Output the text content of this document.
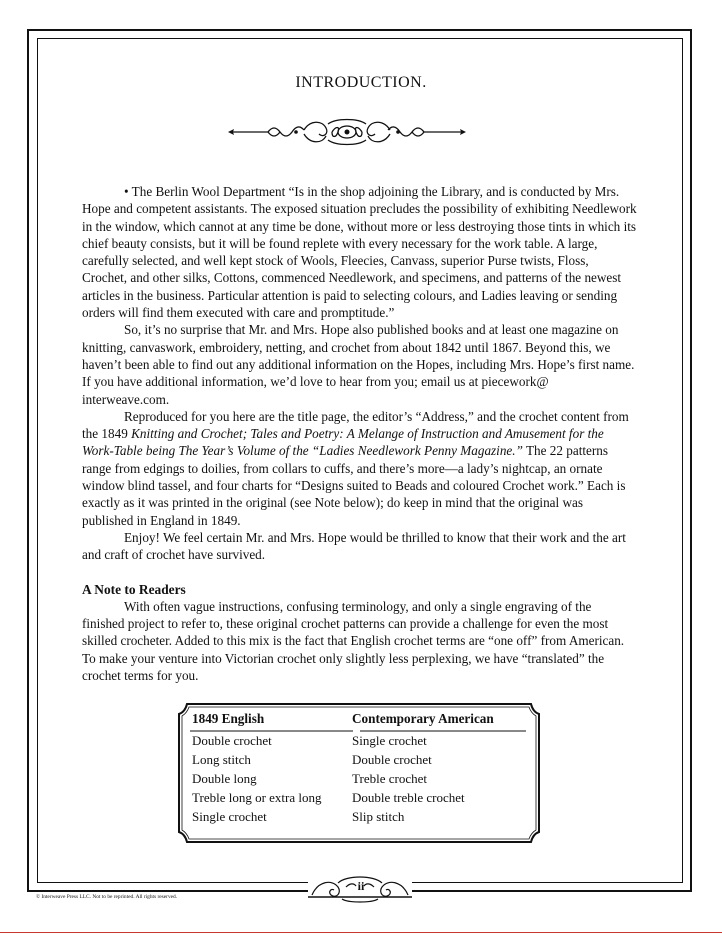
INTRODUCTION.

• The Berlin Wool Department “Is in the shop adjoining the Library, and is conducted by Mrs. Hope and competent assistants. The exposed situation precludes the possibility of exhibiting Needlework in the window, which cannot at any time be done, without more or less destroying those tints in which its chief beauty consists, but it will be found replete with every necessary for the work table. A large, carefully selected, and well kept stock of Wools, Fleecies, Canvass, superior Purse twists, Floss, Crochet, and other silks, Cottons, commenced Needlework, and specimens, and patterns of the newest articles in the business. Particular attention is paid to selecting colours, and Ladies leaving or sending orders will find them executed with care and promptitude.”

So, it’s no surprise that Mr. and Mrs. Hope also published books and at least one magazine on knitting, canvaswork, embroidery, netting, and crochet from about 1842 until 1867. Beyond this, we haven’t been able to find out any additional information on the Hopes, including Mrs. Hope’s first name. If you have additional information, we’d love to hear from you; email us at piecework@ interweave.com.

Reproduced for you here are the title page, the editor’s “Address,” and the crochet content from the 1849 Knitting and Crochet; Tales and Poetry: A Melange of Instruction and Amusement for the Work-Table being The Year’s Volume of the “Ladies Needlework Penny Magazine.” The 22 patterns range from edgings to doilies, from collars to cuffs, and there’s more—a lady’s nightcap, an ornate window blind tassel, and four charts for “Designs suited to Beads and coloured Crochet work.” Each is exactly as it was printed in the original (see Note below); do keep in mind that the original was published in England in 1849.

Enjoy! We feel certain Mr. and Mrs. Hope would be thrilled to know that their work and the art and craft of crochet have survived.

A Note to Readers

With often vague instructions, confusing terminology, and only a single engraving of the finished project to refer to, these original crochet patterns can provide a challenge for even the most skilled crocheter. Added to this mix is the fact that English crochet terms are “one off” from American. To make your venture into Victorian crochet only slightly less perplexing, we have “translated” the crochet terms for you.

1849 English	Contemporary American
Double crochet	Single crochet
Long stitch	Double crochet
Double long	Treble crochet
Treble long or extra long	Double treble crochet
Single crochet	Slip stitch
ii
© Interweave Press LLC. Not to be reprinted. All rights reserved.
